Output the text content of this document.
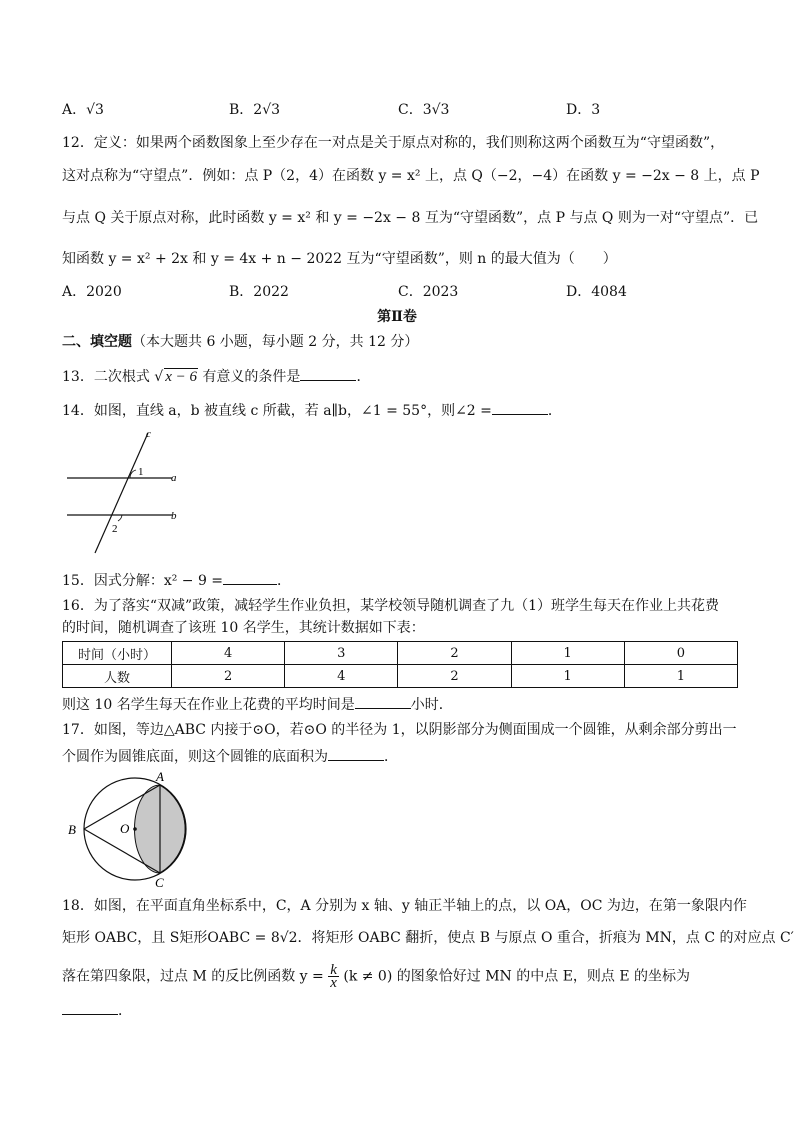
A．√3	B．2√3	C．3√3	D．3
12．定义：如果两个函数图象上至少存在一对点是关于原点对称的，我们则称这两个函数互为“守望函数”，
这对点称为“守望点”．例如：点 P（2，4）在函数 y = x² 上，点 Q（−2，−4）在函数 y = −2x − 8 上，点 P
与点 Q 关于原点对称，此时函数 y = x² 和 y = −2x − 8 互为“守望函数”，点 P 与点 Q 则为一对“守望点”．已
知函数 y = x² + 2x 和 y = 4x + n − 2022 互为“守望函数”，则 n 的最大值为（　　）
A．2020	B．2022	C．2023	D．4084
第Ⅱ卷
二、填空题（本大题共 6 小题，每小题 2 分，共 12 分）
13．二次根式 √ x − 6 有意义的条件是	．
14．如图，直线 a，b 被直线 c 所截，若 a∥b，∠1 = 55°，则∠2 =	．
c
a
b
1
2
15．因式分解：x² − 9 =	．
16．为了落实“双减”政策，减轻学生作业负担，某学校领导随机调查了九（1）班学生每天在作业上共花费
的时间，随机调查了该班 10 名学生，其统计数据如下表：
时间（小时）	4	3	2	1	0
人数	2	4	2	1	1
则这 10 名学生每天在作业上花费的平均时间是	小时．
17．如图，等边△ABC 内接于⊙O，若⊙O 的半径为 1，以阴影部分为侧面围成一个圆锥，从剩余部分剪出一
个圆作为圆锥底面，则这个圆锥的底面积为	．
A
B
C
O
18．如图，在平面直角坐标系中，C，A 分别为 x 轴、y 轴正半轴上的点，以 OA，OC 为边，在第一象限内作
矩形 OABC，且 S矩形OABC = 8√2．将矩形 OABC 翻折，使点 B 与原点 O 重合，折痕为 MN，点 C 的对应点 C′
落在第四象限，过点 M 的反比例函数 $y = \frac{k}{x} (k \ne 0)$ 的图象恰好过 MN 的中点 E，则点 E 的坐标为
．
